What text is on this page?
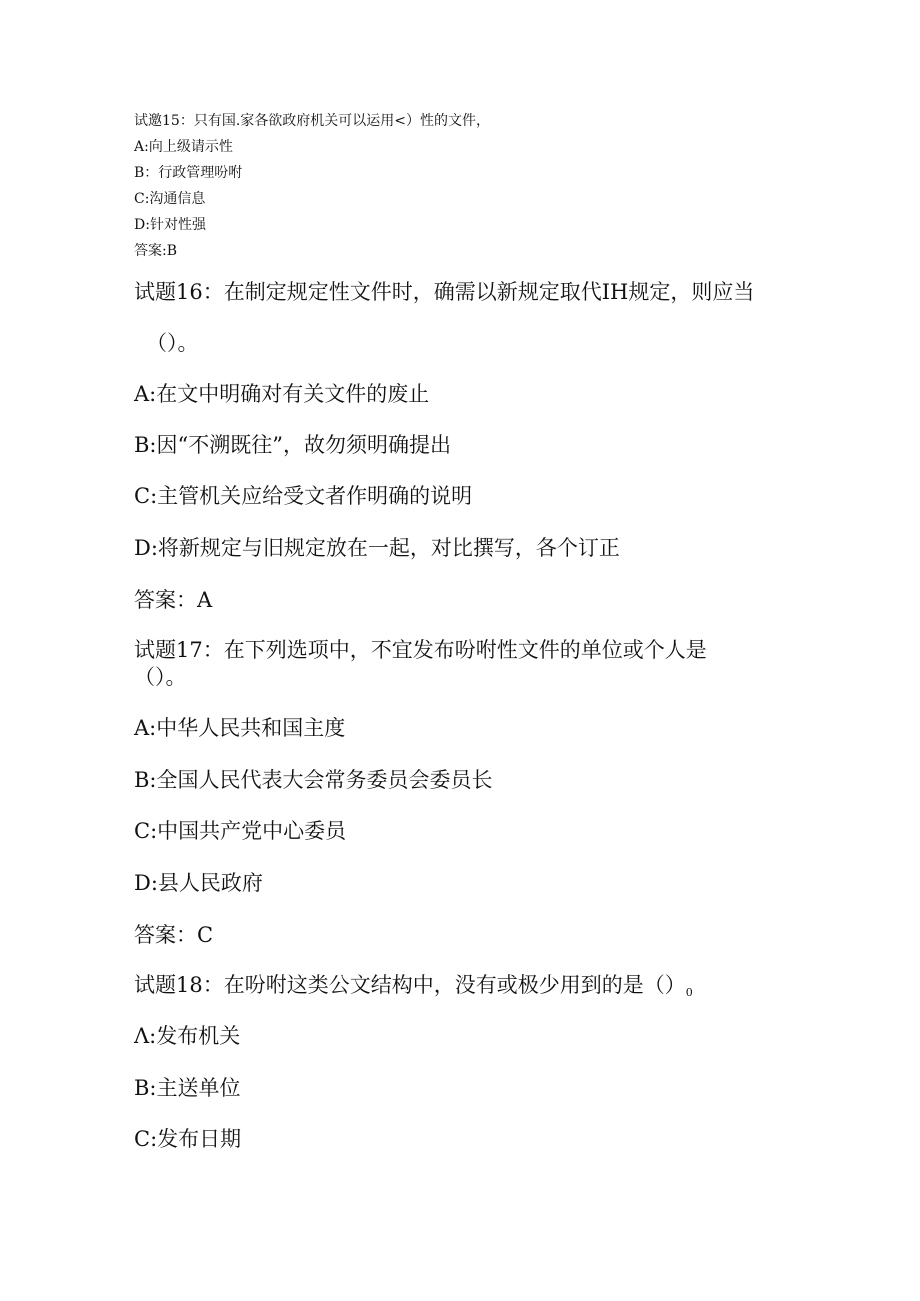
试邀15：只有国.家各欲政府机关可以运用<）性的文件，

A:向上级请示性

B：行政管理吩咐

C:沟通信息

D:针对性强

答案:B

试题16：在制定规定性文件时，确需以新规定取代IH规定，则应当

（）。

A:在文中明确对有关文件的废止

B:因“不溯既往”，故勿须明确提出

C:主管机关应给受文者作明确的说明

D:将新规定与旧规定放在一起，对比撰写，各个订正

答案：A

试题17：在下列选项中，不宜发布吩咐性文件的单位或个人是

（）。

A:中华人民共和国主度

B:全国人民代表大会常务委员会委员长

C:中国共产党中心委员

D:县人民政府

答案：C

试题18：在吩咐这类公文结构中，没有或极少用到的是$()_0$

Λ:发布机关

B:主送单位

C:发布日期
